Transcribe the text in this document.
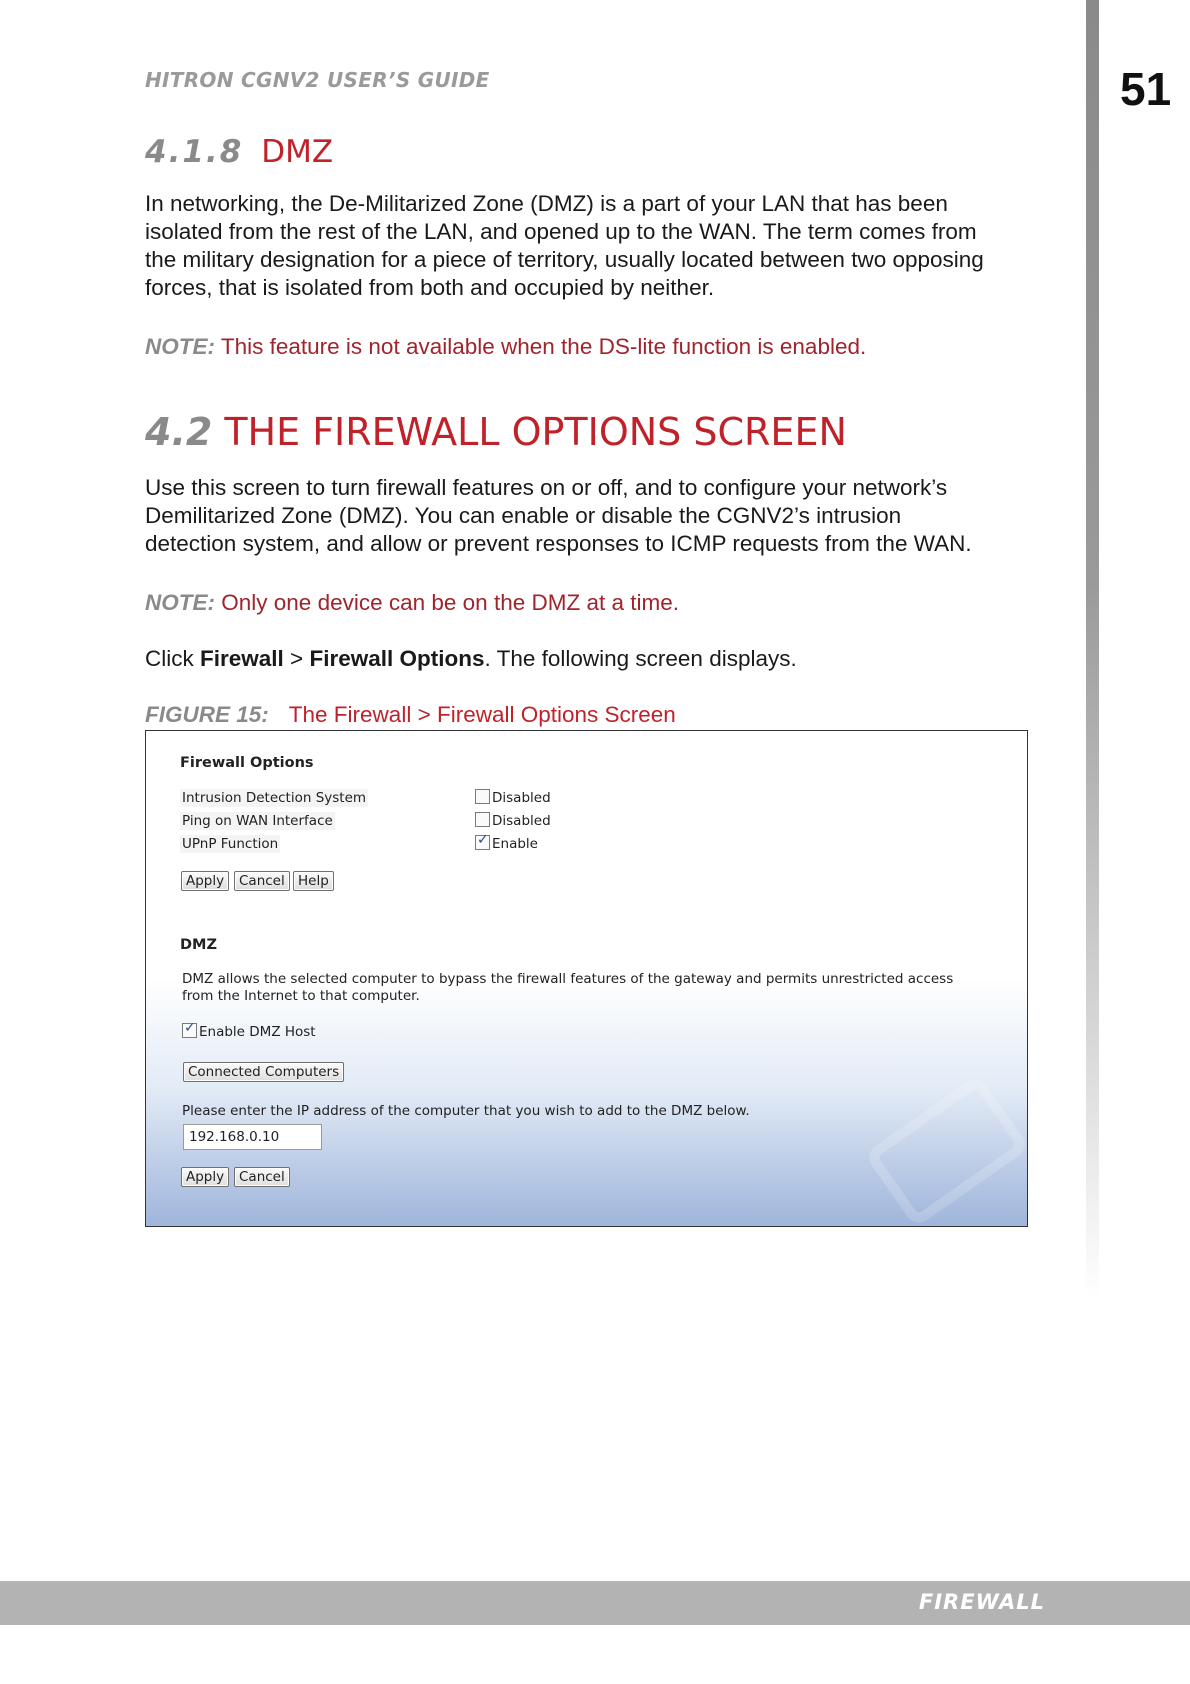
51
HITRON CGNV2 USER’S GUIDE
4.1.8 DMZ
In networking, the De-Militarized Zone (DMZ) is a part of your LAN that has been
isolated from the rest of the LAN, and opened up to the WAN. The term comes from
the military designation for a piece of territory, usually located between two opposing
forces, that is isolated from both and occupied by neither.
NOTE: This feature is not available when the DS-lite function is enabled.
4.2 THE FIREWALL OPTIONS SCREEN
Use this screen to turn firewall features on or off, and to configure your network’s
Demilitarized Zone (DMZ). You can enable or disable the CGNV2’s intrusion
detection system, and allow or prevent responses to ICMP requests from the WAN.
NOTE: Only one device can be on the DMZ at a time.
Click Firewall > Firewall Options. The following screen displays.
FIGURE 15: The Firewall > Firewall Options Screen
Firewall Options
Intrusion Detection System	Disabled
Ping on WAN Interface	Disabled
UPnP Function
✓	Enable
Apply	Cancel Help
DMZ
DMZ allows the selected computer to bypass the firewall features of the gateway and permits unrestricted access
from the Internet to that computer.
✓Enable DMZ Host
Connected Computers
Please enter the IP address of the computer that you wish to add to the DMZ below.
192.168.0.10
Apply	Cancel
FIREWALL
